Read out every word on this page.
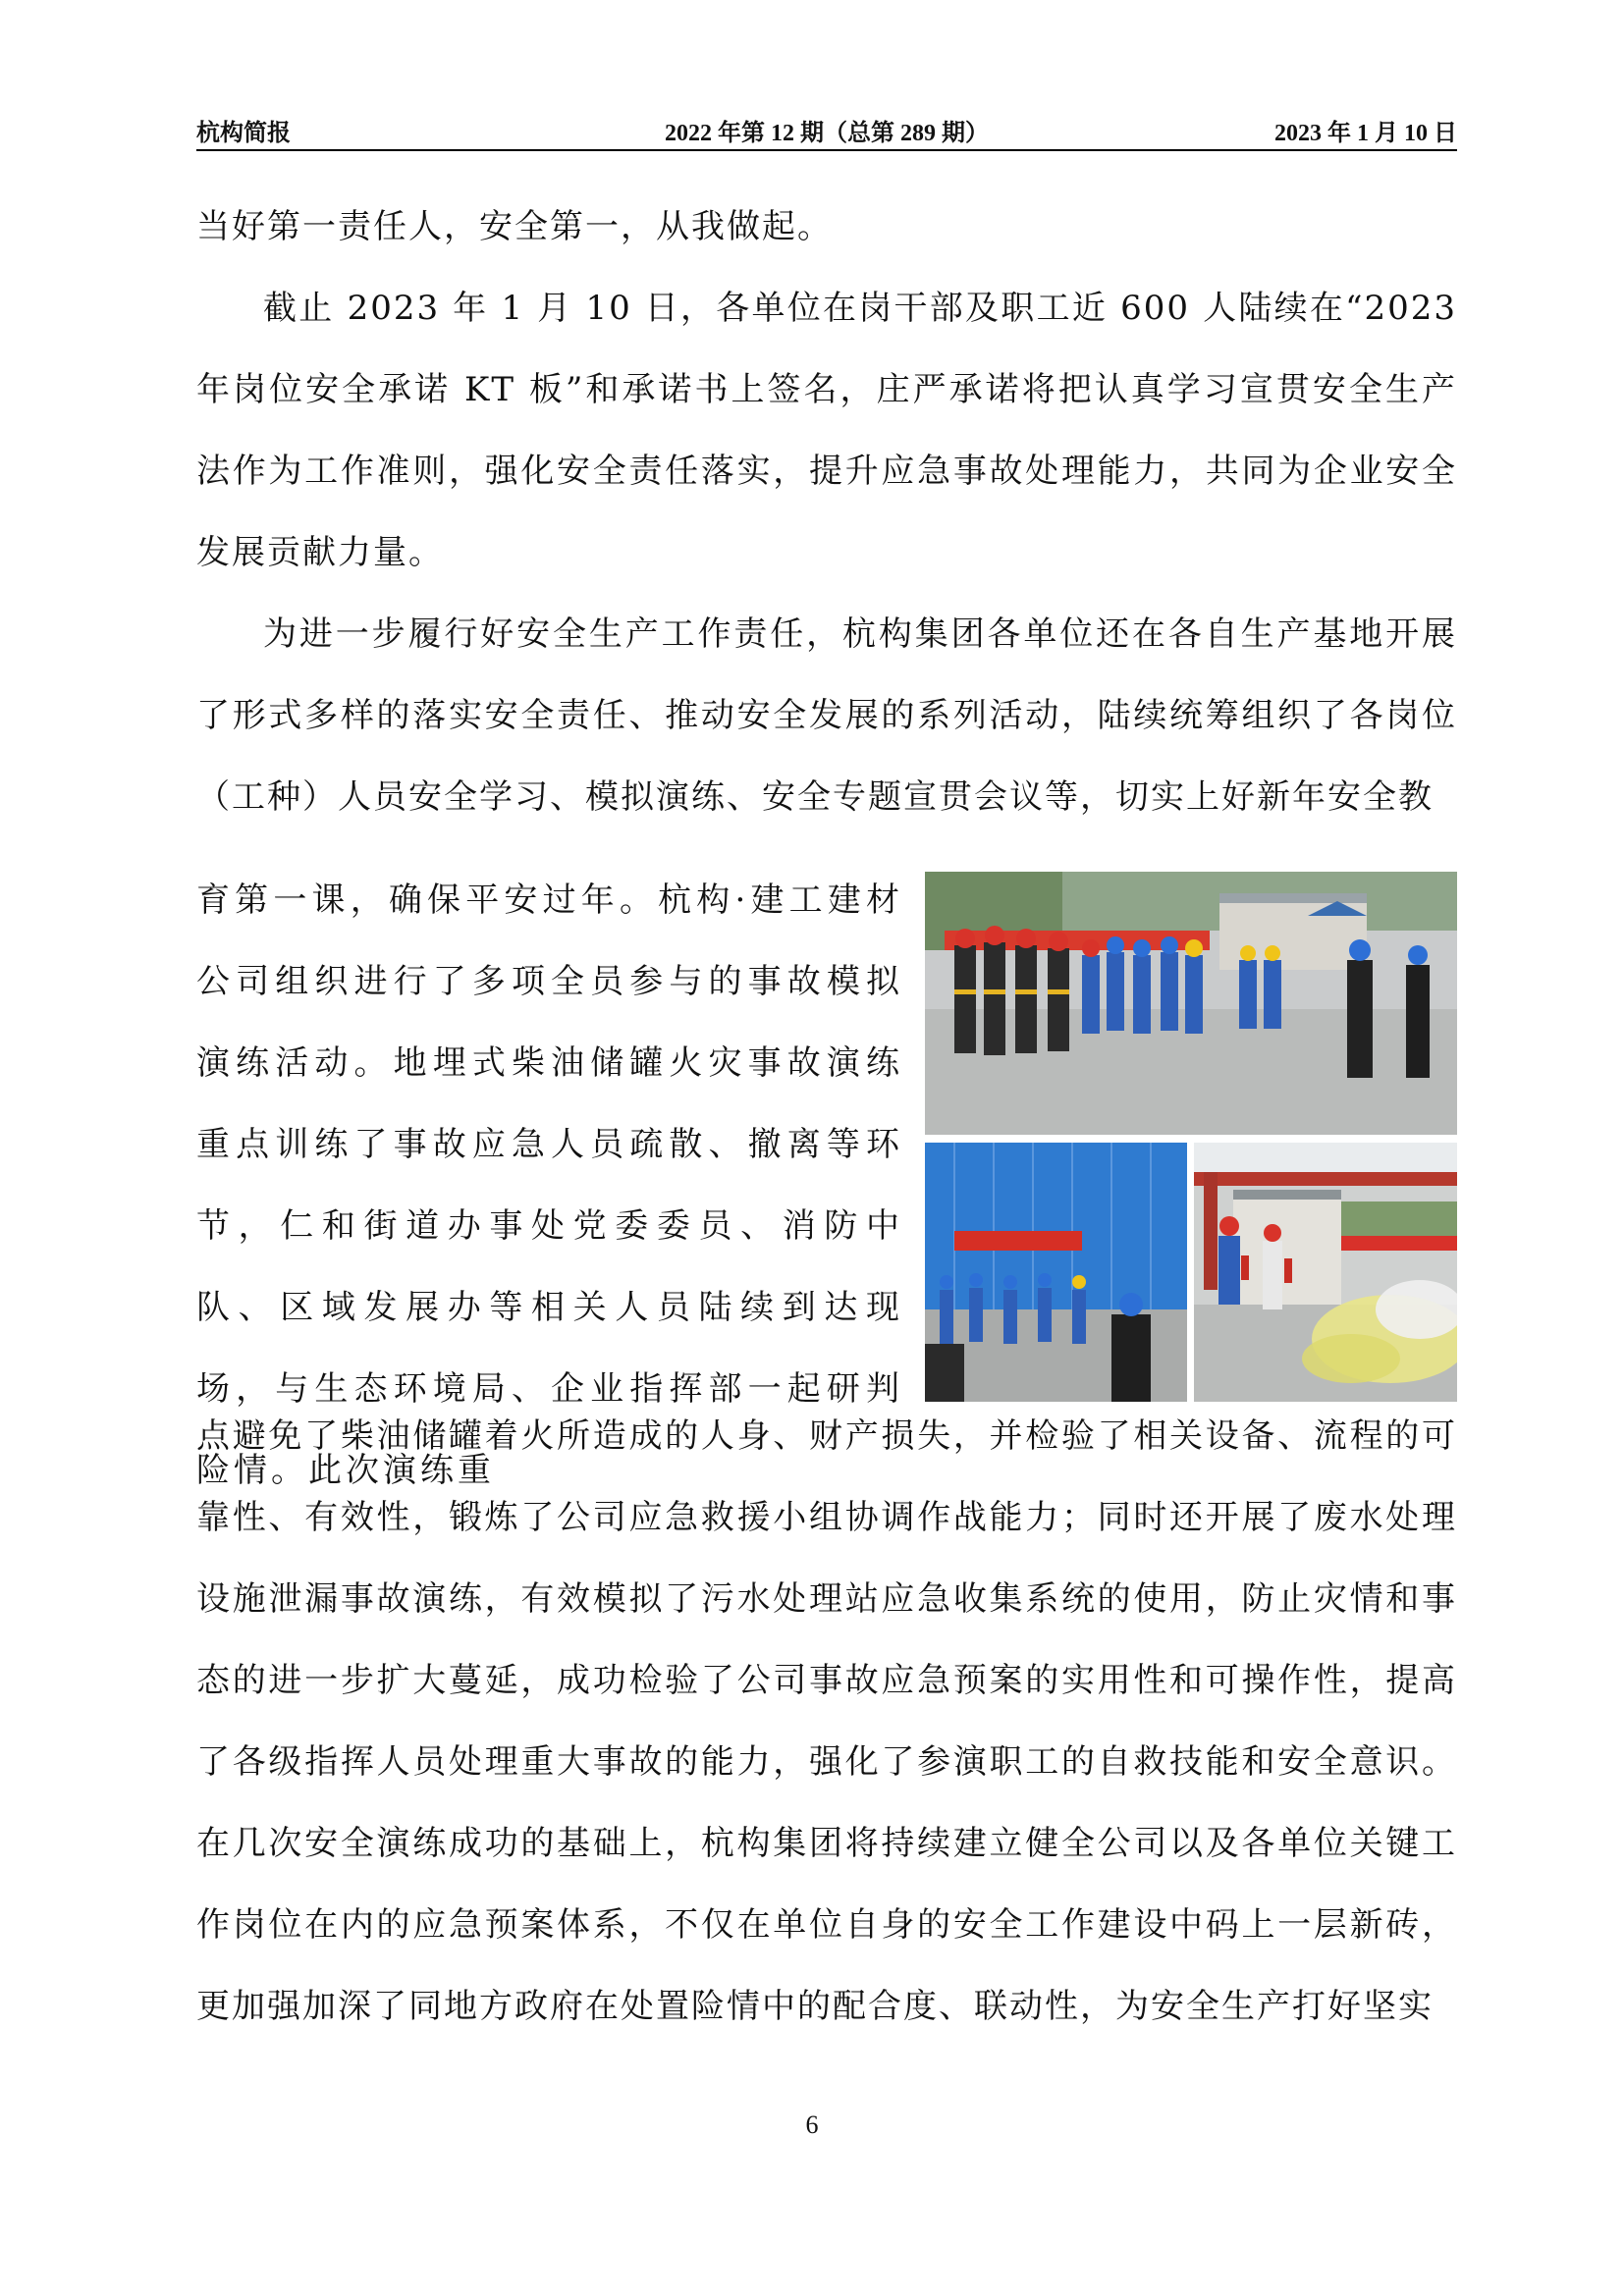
杭构简报	2022 年第 12 期（总第 289 期）	2023 年 1 月 10 日

当好第一责任人，安全第一，从我做起。

截止 2023 年 1 月 10 日，各单位在岗干部及职工近 600 人陆续在“2023 年岗位安全承诺 KT 板”和承诺书上签名，庄严承诺将把认真学习宣贯安全生产法作为工作准则，强化安全责任落实，提升应急事故处理能力，共同为企业安全发展贡献力量。

为进一步履行好安全生产工作责任，杭构集团各单位还在各自生产基地开展了形式多样的落实安全责任、推动安全发展的系列活动，陆续统筹组织了各岗位（工种）人员安全学习、模拟演练、安全专题宣贯会议等，切实上好新年安全教

育第一课，确保平安过年。杭构·建工建材公司组织进行了多项全员参与的事故模拟演练活动。地埋式柴油储罐火灾事故演练重点训练了事故应急人员疏散、撤离等环节，仁和街道办事处党委委员、消防中队、区域发展办等相关人员陆续到达现场，与生态环境局、企业指挥部一起研判险情。此次演练重

点避免了柴油储罐着火所造成的人身、财产损失，并检验了相关设备、流程的可靠性、有效性，锻炼了公司应急救援小组协调作战能力；同时还开展了废水处理设施泄漏事故演练，有效模拟了污水处理站应急收集系统的使用，防止灾情和事态的进一步扩大蔓延，成功检验了公司事故应急预案的实用性和可操作性，提高了各级指挥人员处理重大事故的能力，强化了参演职工的自救技能和安全意识。在几次安全演练成功的基础上，杭构集团将持续建立健全公司以及各单位关键工作岗位在内的应急预案体系，不仅在单位自身的安全工作建设中码上一层新砖，更加强加深了同地方政府在处置险情中的配合度、联动性，为安全生产打好坚实

6
